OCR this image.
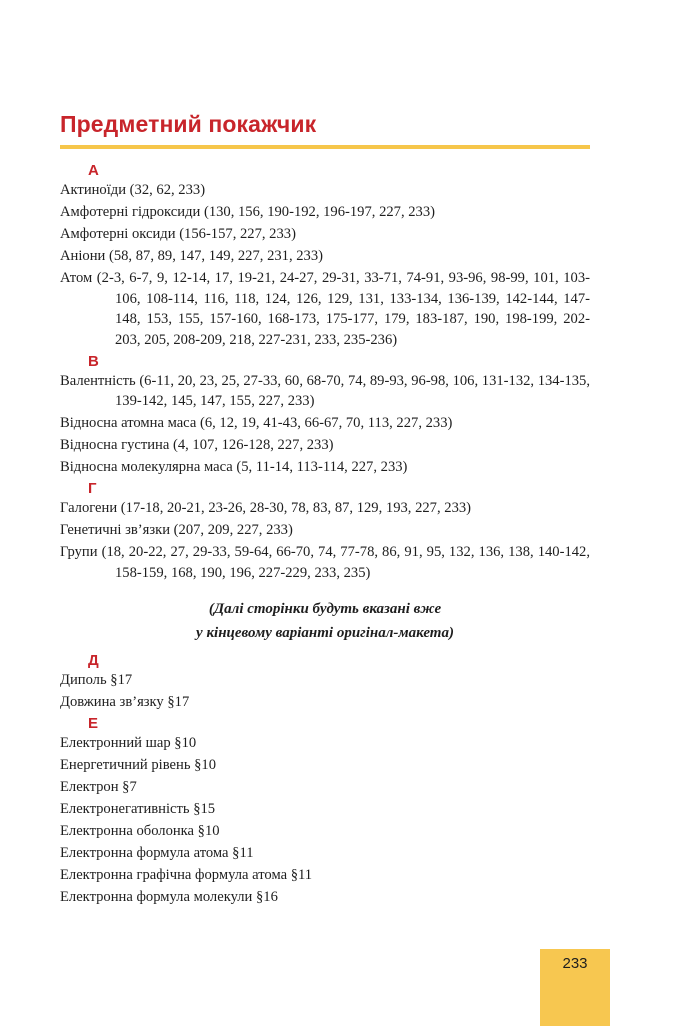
Предметний покажчик
А
Актиноїди (32, 62, 233)
Амфотерні гідроксиди (130, 156, 190-192, 196-197, 227, 233)
Амфотерні оксиди (156-157, 227, 233)
Аніони (58, 87, 89, 147, 149, 227, 231, 233)
Атом (2-3, 6-7, 9, 12-14, 17, 19-21, 24-27, 29-31, 33-71, 74-91, 93-96, 98-99, 101, 103-106, 108-114, 116, 118, 124, 126, 129, 131, 133-134, 136-139, 142-144, 147-148, 153, 155, 157-160, 168-173, 175-177, 179, 183-187, 190, 198-199, 202-203, 205, 208-209, 218, 227-231, 233, 235-236)
В
Валентність (6-11, 20, 23, 25, 27-33, 60, 68-70, 74, 89-93, 96-98, 106, 131-132, 134-135, 139-142, 145, 147, 155, 227, 233)
Відносна атомна маса (6, 12, 19, 41-43, 66-67, 70, 113, 227, 233)
Відносна густина (4, 107, 126-128, 227, 233)
Відносна молекулярна маса (5, 11-14, 113-114, 227, 233)
Г
Галогени (17-18, 20-21, 23-26, 28-30, 78, 83, 87, 129, 193, 227, 233)
Генетичні зв’язки (207, 209, 227, 233)
Групи (18, 20-22, 27, 29-33, 59-64, 66-70, 74, 77-78, 86, 91, 95, 132, 136, 138, 140-142, 158-159, 168, 190, 196, 227-229, 233, 235)
(Далі сторінки будуть вказані вже
у кінцевому варіанті оригінал-макета)
Д
Диполь §17
Довжина зв’язку §17
Е
Електронний шар §10
Енергетичний рівень §10
Електрон §7
Електронегативність §15
Електронна оболонка §10
Електронна формула атома §11
Електронна графічна формула атома §11
Електронна формула молекули §16
233
